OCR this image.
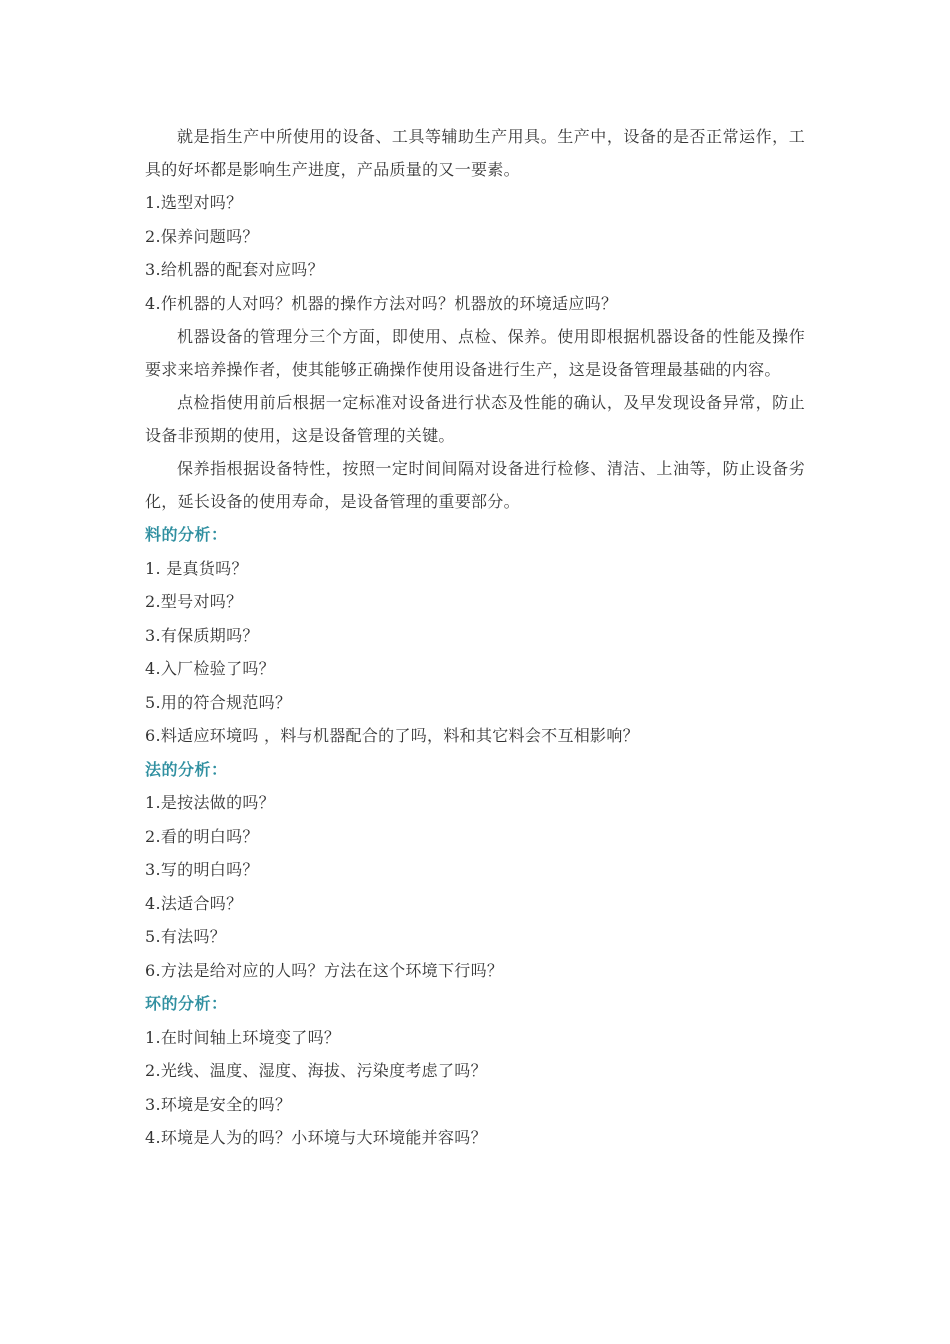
就是指生产中所使用的设备、工具等辅助生产用具。生产中，设备的是否正常运作，工具的好坏都是影响生产进度，产品质量的又一要素。

1.选型对吗？

2.保养问题吗？

3.给机器的配套对应吗？

4.作机器的人对吗？机器的操作方法对吗？机器放的环境适应吗？

机器设备的管理分三个方面，即使用、点检、保养。使用即根据机器设备的性能及操作要求来培养操作者，使其能够正确操作使用设备进行生产，这是设备管理最基础的内容。

点检指使用前后根据一定标准对设备进行状态及性能的确认，及早发现设备异常，防止设备非预期的使用，这是设备管理的关键。

保养指根据设备特性，按照一定时间间隔对设备进行检修、清洁、上油等，防止设备劣化，延长设备的使用寿命，是设备管理的重要部分。

料的分析：

1. 是真货吗？

2.型号对吗？

3.有保质期吗？

4.入厂检验了吗？

5.用的符合规范吗？

6.料适应环境吗 ，料与机器配合的了吗，料和其它料会不互相影响？

法的分析：

1.是按法做的吗？

2.看的明白吗？

3.写的明白吗？

4.法适合吗？

5.有法吗？

6.方法是给对应的人吗？方法在这个环境下行吗？

环的分析：

1.在时间轴上环境变了吗？

2.光线、温度、湿度、海拔、污染度考虑了吗？

3.环境是安全的吗？

4.环境是人为的吗？小环境与大环境能并容吗？
